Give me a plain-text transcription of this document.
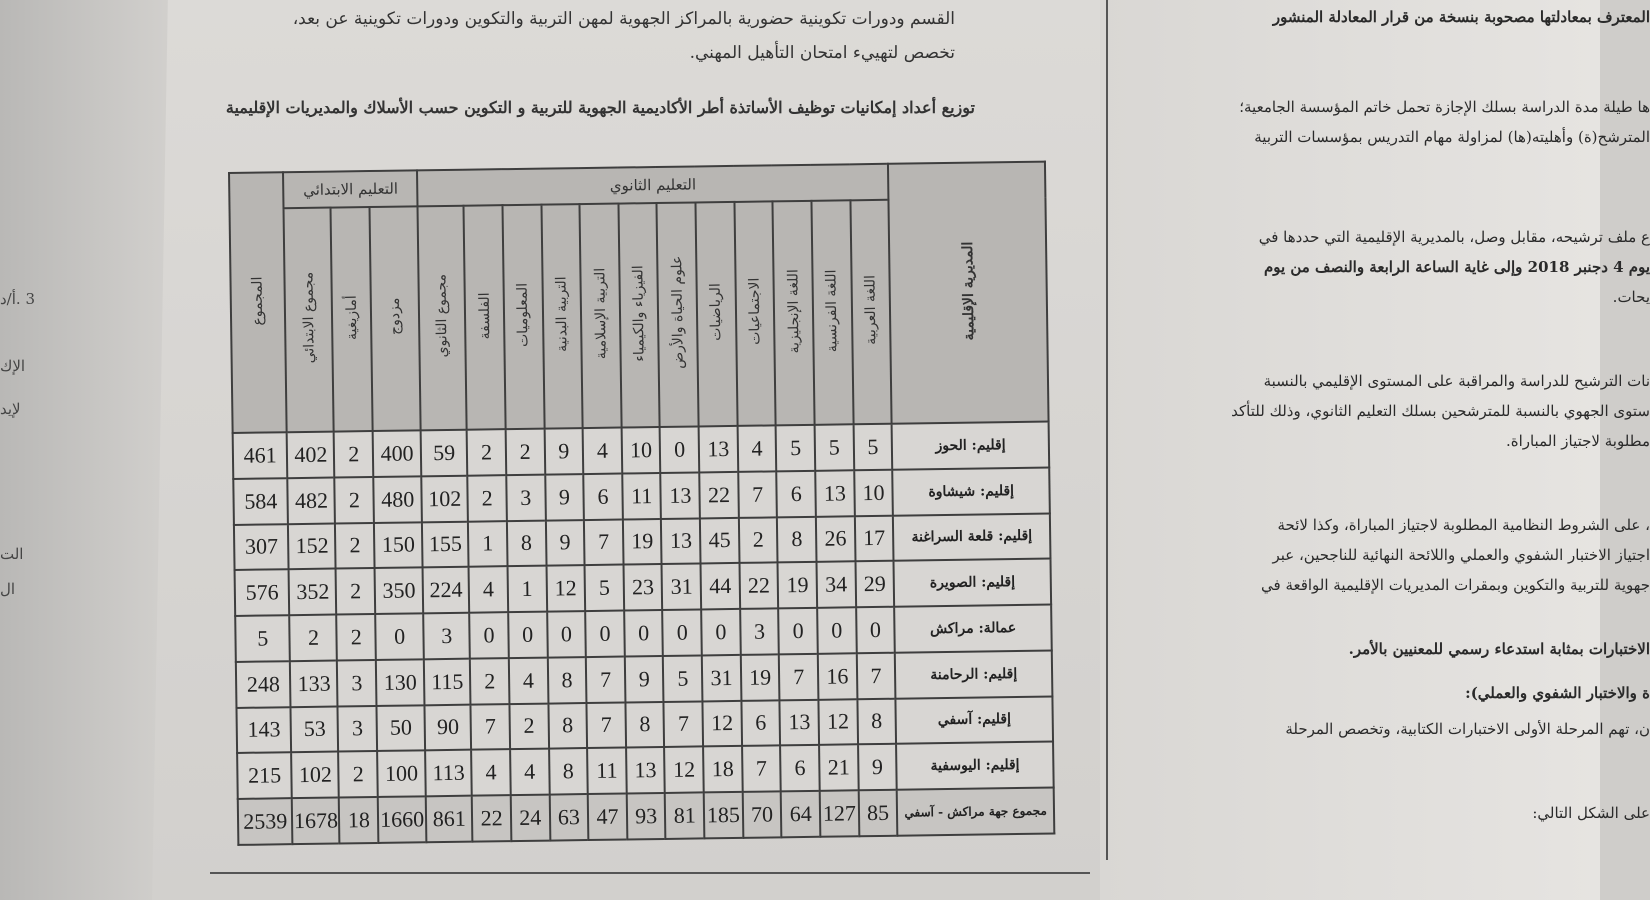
3 .أ/د
الإك
لإيد
الت
ال
القسم ودورات تكوينية حضورية بالمراكز الجهوية لمهن التربية والتكوين ودورات تكوينية عن بعد،
تخصص لتهييء امتحان التأهيل المهني.
توزيع أعداد إمكانيات توظيف الأساتذة أطر الأكاديمية الجهوية للتربية و التكوين حسب الأسلاك والمديريات الإقليمية
المديرية الإقليمية	التعليم الثانوي												التعليم الابتدائي			المجموع
	اللغة العربية	اللغة الفرنسية	اللغة الإنجليزية	الاجتماعيات	الرياضيات	علوم الحياة والأرض	الفيزياء والكيمياء	التربية الإسلامية	التربية البدنية	المعلوميات	الفلسفة	مجموع الثانوي	مزدوج	أمازيغية	مجموع الابتدائي	
إقليم: الحوز	5	5	5	4	13	0	10	4	9	2	2	59	400	2	402	461
إقليم: شيشاوة	10	13	6	7	22	13	11	6	9	3	2	102	480	2	482	584
إقليم: قلعة السراغنة	17	26	8	2	45	13	19	7	9	8	1	155	150	2	152	307
إقليم: الصويرة	29	34	19	22	44	31	23	5	12	1	4	224	350	2	352	576
عمالة: مراكش	0	0	0	3	0	0	0	0	0	0	0	3	0	2	2	5
إقليم: الرحامنة	7	16	7	19	31	5	9	7	8	4	2	115	130	3	133	248
إقليم: آسفي	8	12	13	6	12	7	8	7	8	2	7	90	50	3	53	143
إقليم: اليوسفية	9	21	6	7	18	12	13	11	8	4	4	113	100	2	102	215
مجموع جهة مراكش - آسفي	85	127	64	70	185	81	93	47	63	24	22	861	1660	18	1678	2539
المعترف بمعادلتها مصحوبة بنسخة من قرار المعادلة المنشور
ها طيلة مدة الدراسة بسلك الإجازة تحمل خاتم المؤسسة الجامعية؛
المترشح(ة) وأهليته(ها) لمزاولة مهام التدريس بمؤسسات التربية
ع ملف ترشيحه، مقابل وصل، بالمديرية الإقليمية التي حددها في
يوم 4 دجنبر 2018 وإلى غاية الساعة الرابعة والنصف من يوم
يحات.
نات الترشيح للدراسة والمراقبة على المستوى الإقليمي بالنسبة
ستوى الجهوي بالنسبة للمترشحين بسلك التعليم الثانوي، وذلك للتأكد
مطلوبة لاجتياز المباراة.
، على الشروط النظامية المطلوبة لاجتياز المباراة، وكذا لائحة
اجتياز الاختبار الشفوي والعملي واللائحة النهائية للناجحين، عبر
جهوية للتربية والتكوين وبمقرات المديريات الإقليمية الواقعة في
الاختبارات بمثابة استدعاء رسمي للمعنيين بالأمر.
ة والاختبار الشفوي والعملي):
ن، تهم المرحلة الأولى الاختبارات الكتابية، وتخصص المرحلة
على الشكل التالي:
